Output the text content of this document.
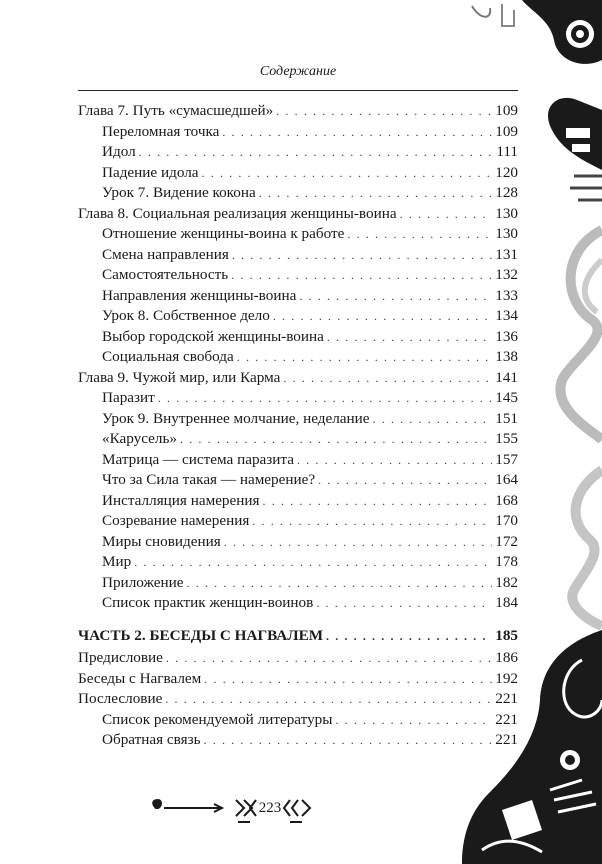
Содержание
Глава 7. Путь «сумасшедшей» . . .	109
Переломная точка . . .	109
Идол . . .	111
Падение идола . . .	120
Урок 7. Видение кокона . . .	128
Глава 8. Социальная реализация женщины-воина . . .	130
Отношение женщины-воина к работе . . .	130
Смена направления . . .	131
Самостоятельность . . .	132
Направления женщины-воина . . .	133
Урок 8. Собственное дело . . .	134
Выбор городской женщины-воина . . .	136
Социальная свобода . . .	138
Глава 9. Чужой мир, или Карма . . .	141
Паразит . . .	145
Урок 9. Внутреннее молчание, неделание . . .	151
«Карусель» . . .	155
Матрица — система паразита . . .	157
Что за Сила такая — намерение? . . .	164
Инсталляция намерения . . .	168
Созревание намерения . . .	170
Миры сновидения . . .	172
Мир . . .	178
Приложение . . .	182
Список практик женщин-воинов . . .	184
ЧАСТЬ 2. БЕСЕДЫ С НАГВАЛЕМ . . .	185
Предисловие . . .	186
Беседы с Нагвалем . . .	192
Послесловие . . .	221
Список рекомендуемой литературы . . .	221
Обратная связь . . .	221
223
